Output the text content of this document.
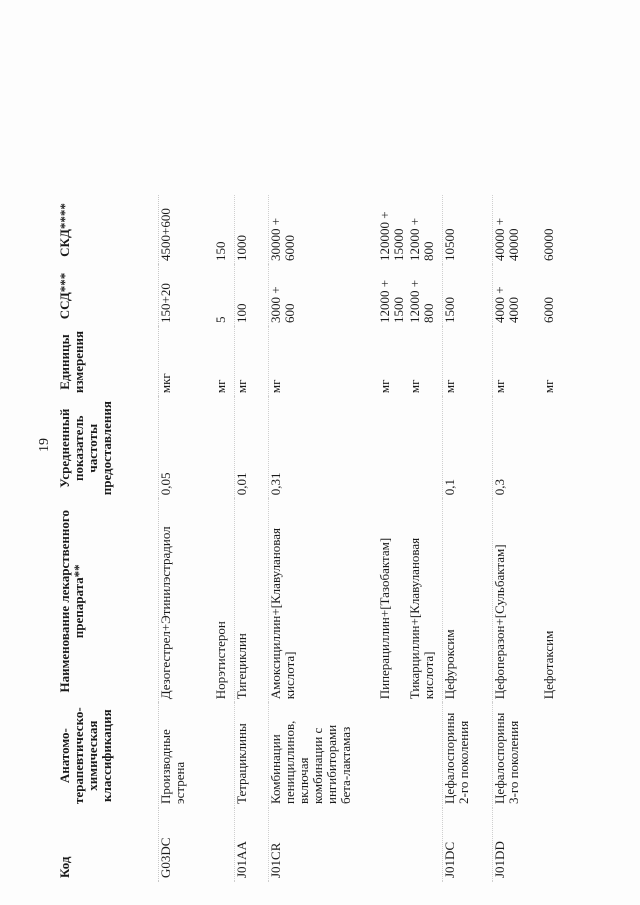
19
Код	Анатомо-терапевтическо-химическая классификация	Наименование лекарственного препарата**	Усредненный показатель частоты предоставления	Единицы измерения	ССД***	СКД****
G03DC	Производные эстрена	Дезогестрел+Этинилэстрадиол	0,05	мкг	150+20	4500+600
		Норэтистерон		мг	5	150
J01AA	Тетрациклины	Тигециклин	0,01	мг	100	1000
J01CR	Комбинации пенициллинов, включая комбинации с ингибиторами бета-лактамаз	Амоксициллин+[Клавулановая кислота]	0,31	мг	3000 + 600	30000 + 6000
		Пиперациллин+[Тазобактам]		мг	12000 + 1500	120000 + 15000
		Тикарциллин+[Клавулановая кислота]		мг	12000 + 800	12000 + 800
J01DC	Цефалоспорины 2-го поколения	Цефуроксим	0,1	мг	1500	10500
J01DD	Цефалоспорины 3-го поколения	Цефоперазон+[Сульбактам]	0,3	мг	4000 + 4000	40000 + 40000
		Цефотаксим		мг	6000	60000
